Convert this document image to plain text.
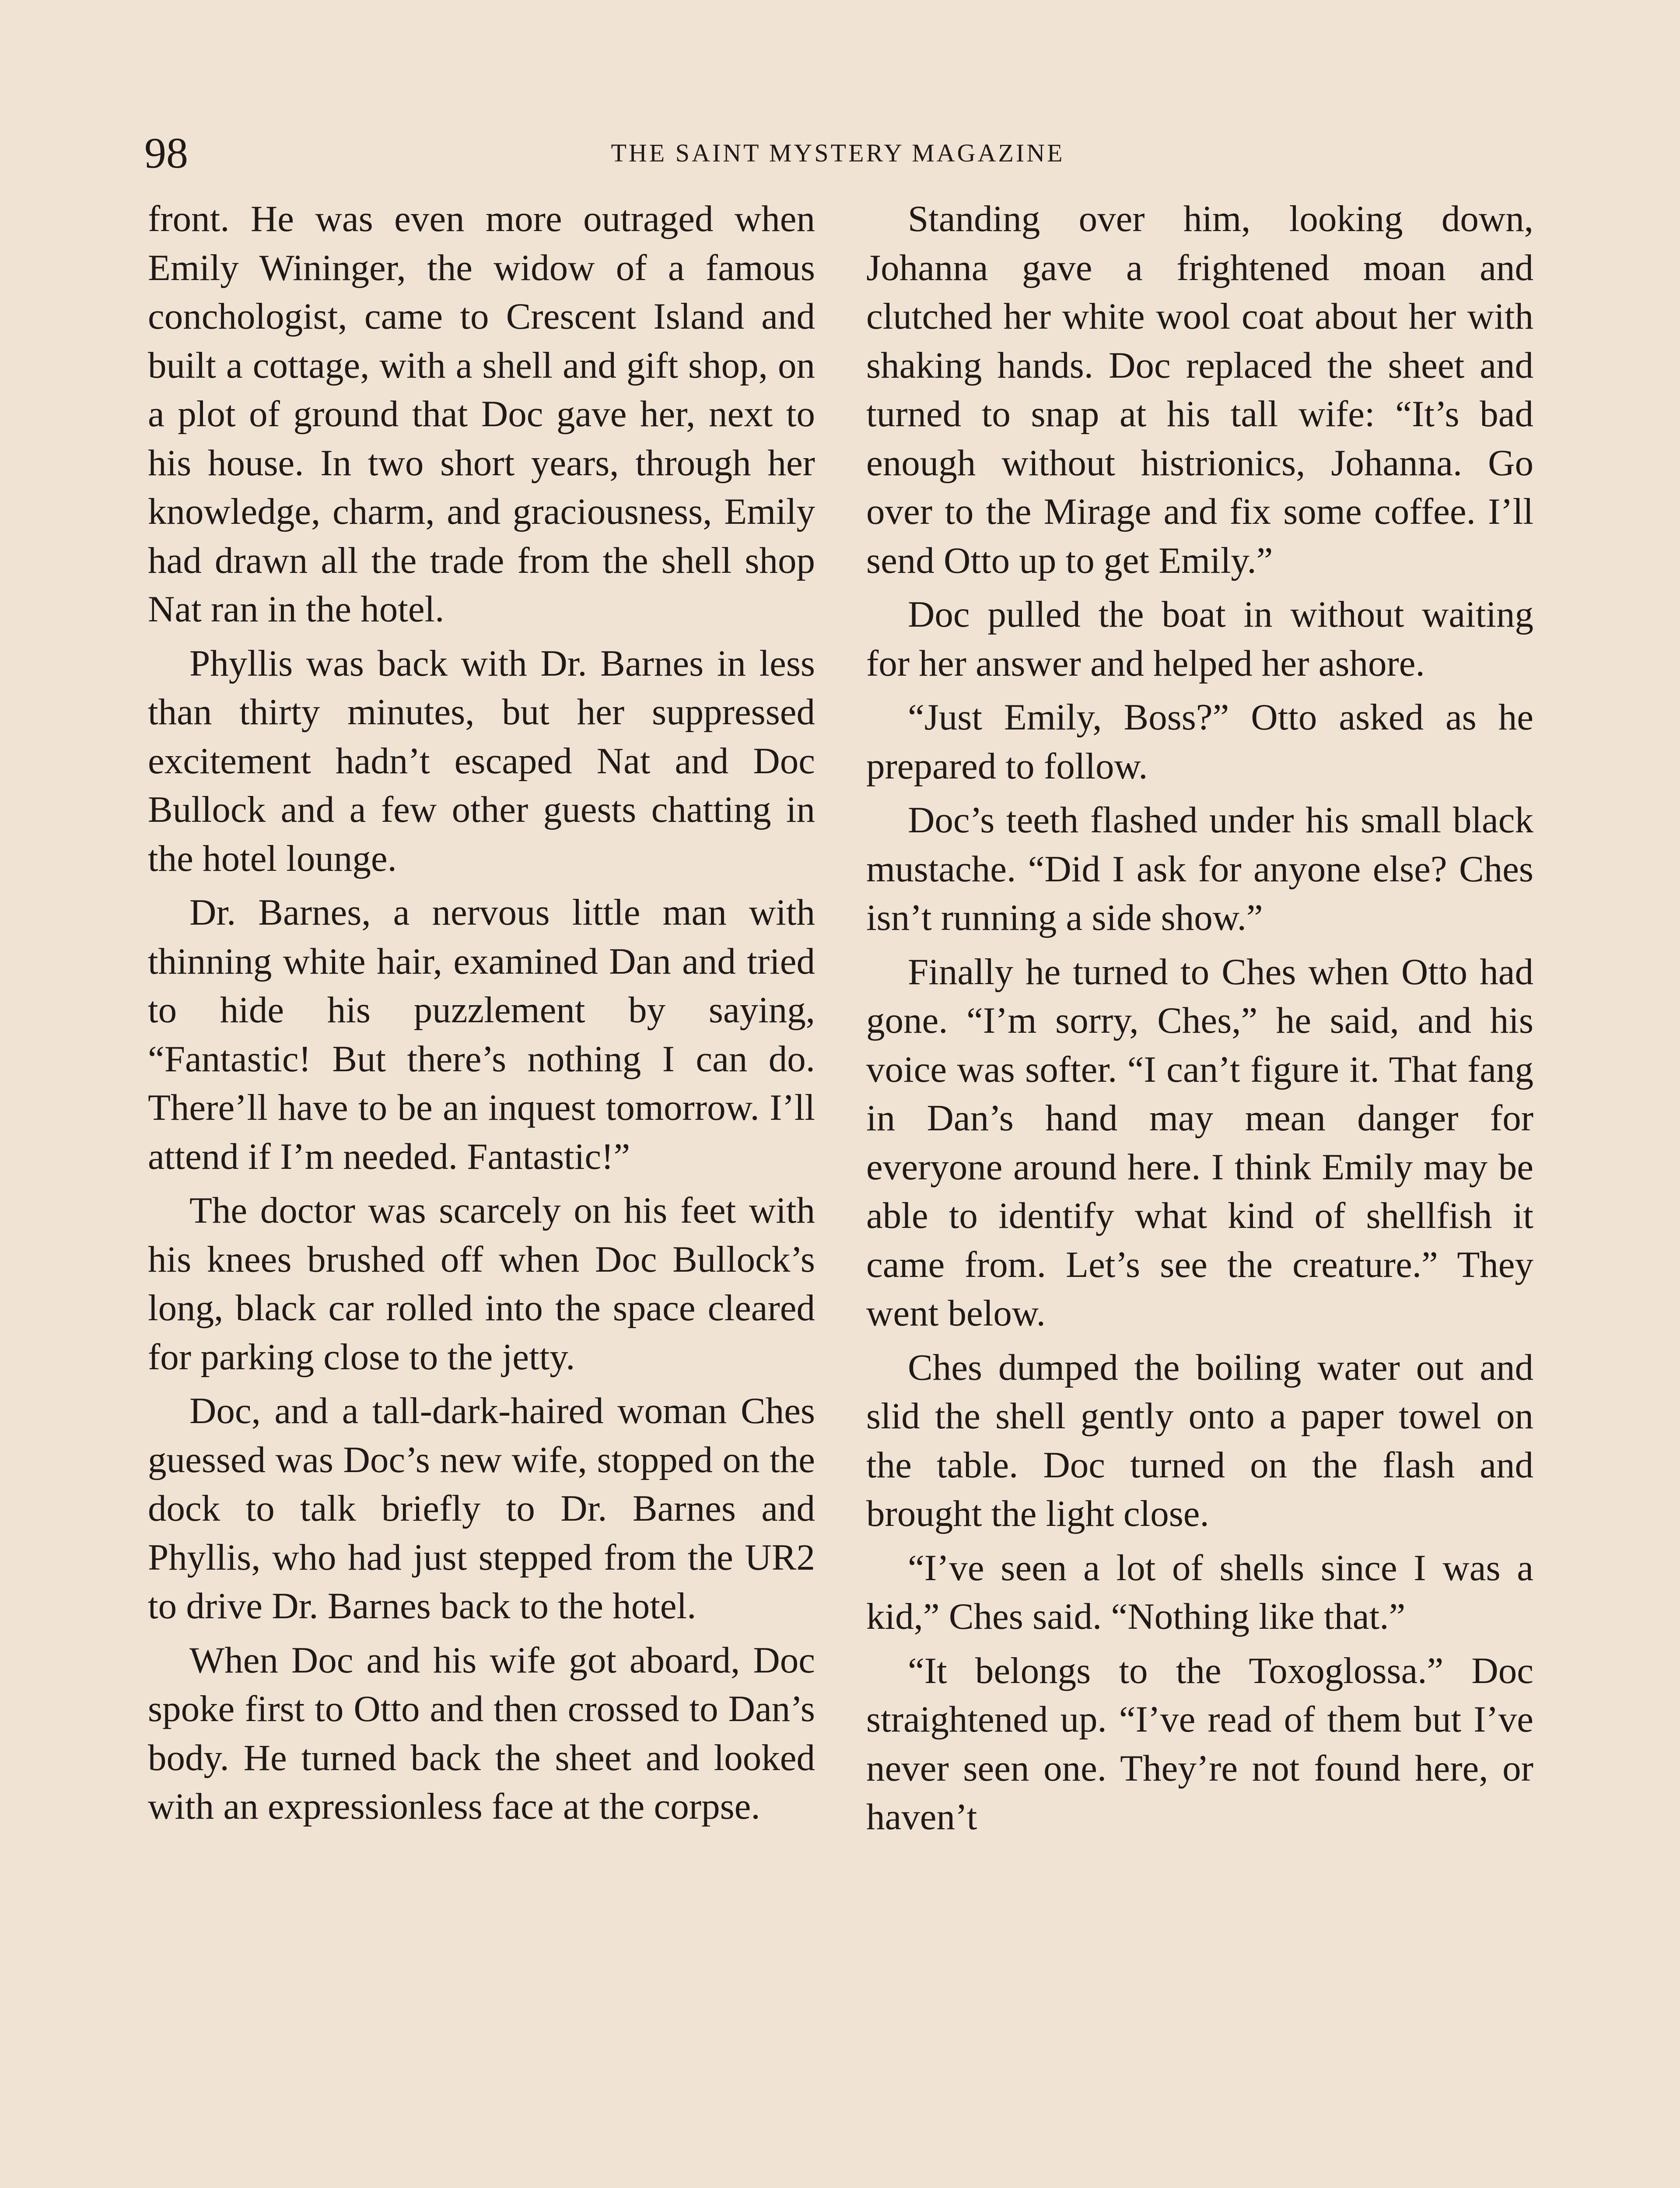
98	THE SAINT MYSTERY MAGAZINE

front. He was even more outraged when Emily Wininger, the widow of a famous conchologist, came to Crescent Island and built a cottage, with a shell and gift shop, on a plot of ground that Doc gave her, next to his house. In two short years, through her knowledge, charm, and graciousness, Emily had drawn all the trade from the shell shop Nat ran in the hotel.

Phyllis was back with Dr. Barnes in less than thirty minutes, but her suppressed excitement hadn’t escaped Nat and Doc Bullock and a few other guests chatting in the hotel lounge.

Dr. Barnes, a nervous little man with thinning white hair, examined Dan and tried to hide his puzzlement by saying, “Fantastic! But there’s nothing I can do. There’ll have to be an inquest tomorrow. I’ll attend if I’m needed. Fantastic!”

The doctor was scarcely on his feet with his knees brushed off when Doc Bullock’s long, black car rolled into the space cleared for parking close to the jetty.

Doc, and a tall-dark-haired woman Ches guessed was Doc’s new wife, stopped on the dock to talk briefly to Dr. Barnes and Phyllis, who had just stepped from the UR2 to drive Dr. Barnes back to the hotel.

When Doc and his wife got aboard, Doc spoke first to Otto and then crossed to Dan’s body. He turned back the sheet and looked with an expressionless face at the corpse.

Standing over him, looking down, Johanna gave a frightened moan and clutched her white wool coat about her with shaking hands. Doc replaced the sheet and turned to snap at his tall wife: “It’s bad enough without histrionics, Johanna. Go over to the Mirage and fix some coffee. I’ll send Otto up to get Emily.”

Doc pulled the boat in without waiting for her answer and helped her ashore.

“Just Emily, Boss?” Otto asked as he prepared to follow.

Doc’s teeth flashed under his small black mustache. “Did I ask for anyone else? Ches isn’t running a side show.”

Finally he turned to Ches when Otto had gone. “I’m sorry, Ches,” he said, and his voice was softer. “I can’t figure it. That fang in Dan’s hand may mean danger for everyone around here. I think Emily may be able to identify what kind of shellfish it came from. Let’s see the creature.” They went below.

Ches dumped the boiling water out and slid the shell gently onto a paper towel on the table. Doc turned on the flash and brought the light close.

“I’ve seen a lot of shells since I was a kid,” Ches said. “Nothing like that.”

“It belongs to the Toxoglossa.” Doc straightened up. “I’ve read of them but I’ve never seen one. They’re not found here, or haven’t
